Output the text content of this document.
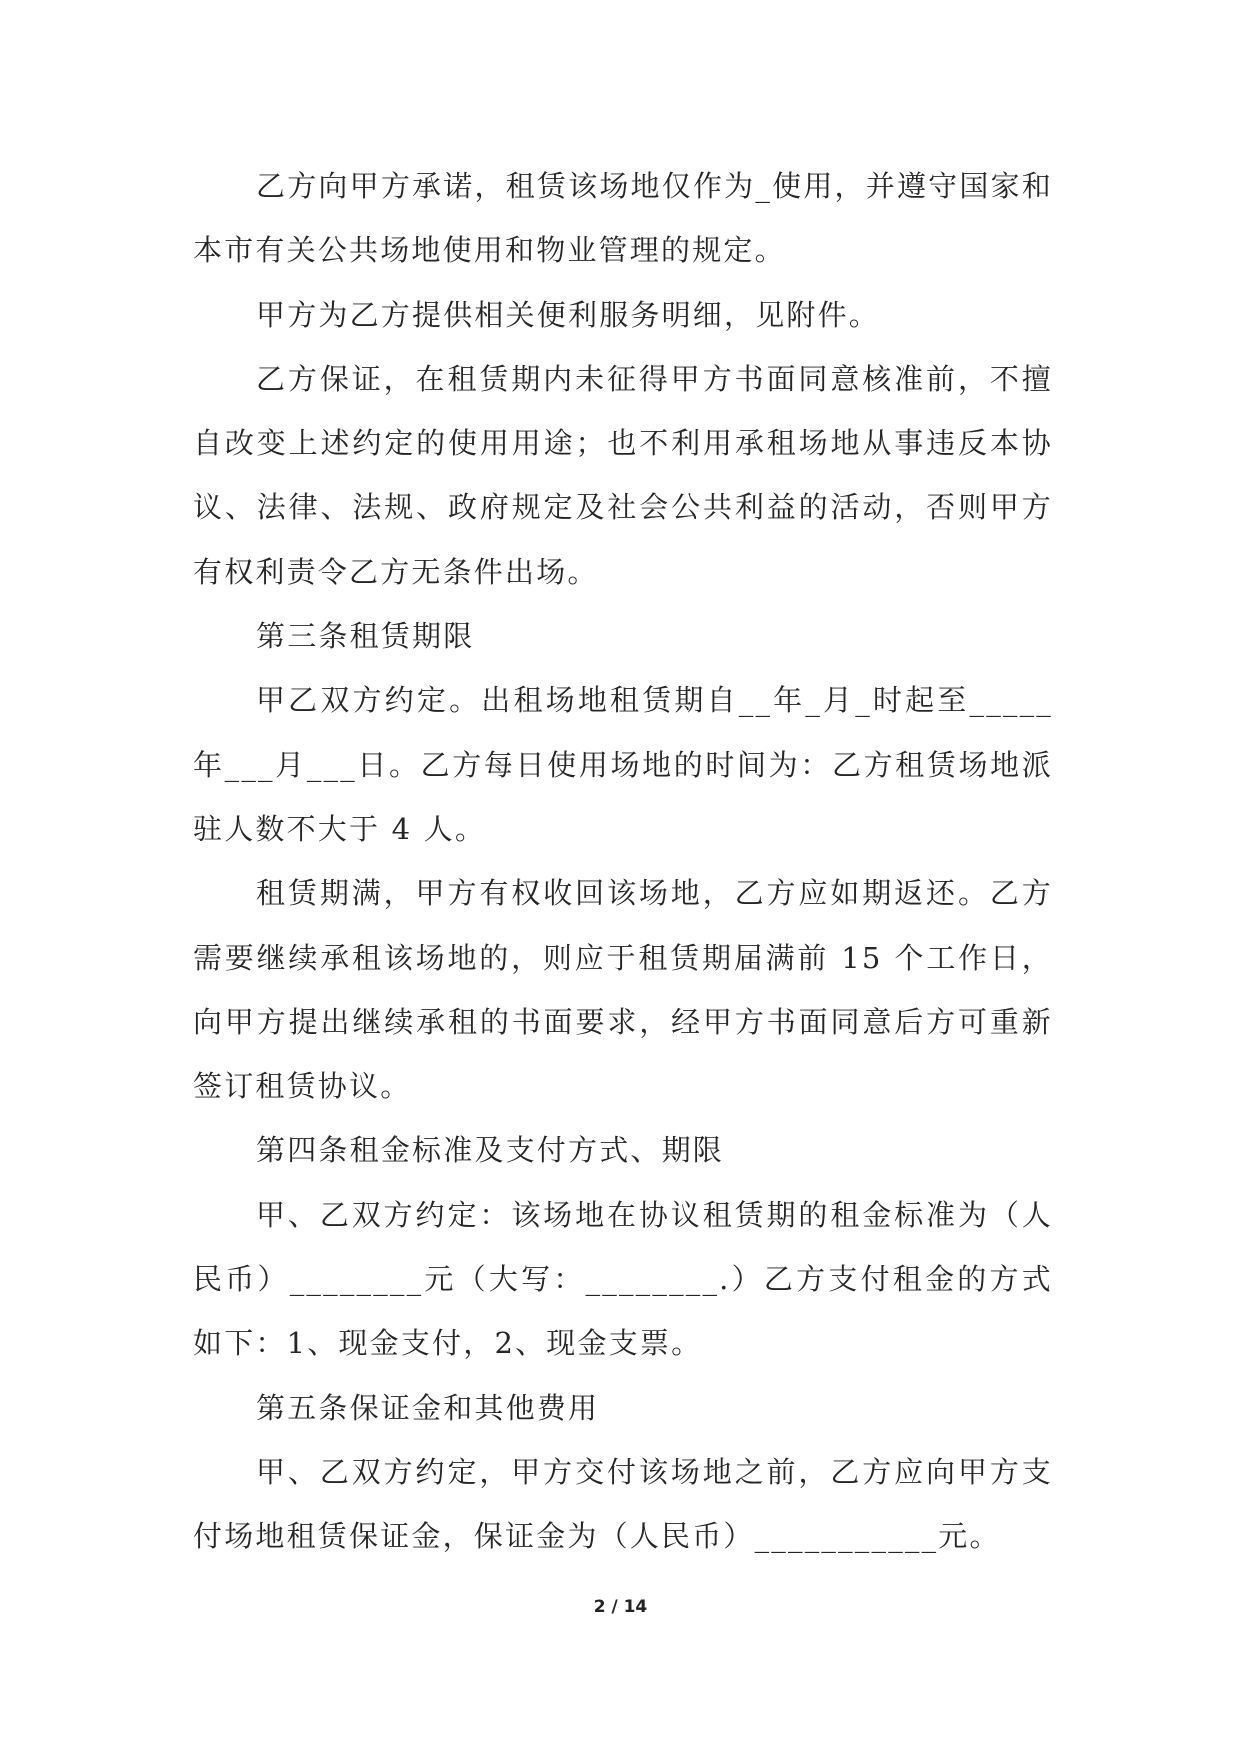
乙方向甲方承诺，租赁该场地仅作为_使用，并遵守国家和本市有关公共场地使用和物业管理的规定。

甲方为乙方提供相关便利服务明细，见附件。

乙方保证，在租赁期内未征得甲方书面同意核准前，不擅自改变上述约定的使用用途；也不利用承租场地从事违反本协议、法律、法规、政府规定及社会公共利益的活动，否则甲方有权利责令乙方无条件出场。

第三条租赁期限

甲乙双方约定。出租场地租赁期自__年_月_时起至_____年___月___日。乙方每日使用场地的时间为：乙方租赁场地派驻人数不大于 4 人。

租赁期满，甲方有权收回该场地，乙方应如期返还。乙方需要继续承租该场地的，则应于租赁期届满前 15 个工作日，向甲方提出继续承租的书面要求，经甲方书面同意后方可重新签订租赁协议。

第四条租金标准及支付方式、期限

甲、乙双方约定：该场地在协议租赁期的租金标准为（人民币）________元（大写：________.）乙方支付租金的方式如下：1、现金支付，2、现金支票。

第五条保证金和其他费用

甲、乙双方约定，甲方交付该场地之前，乙方应向甲方支付场地租赁保证金，保证金为（人民币）___________元。

2 / 14
